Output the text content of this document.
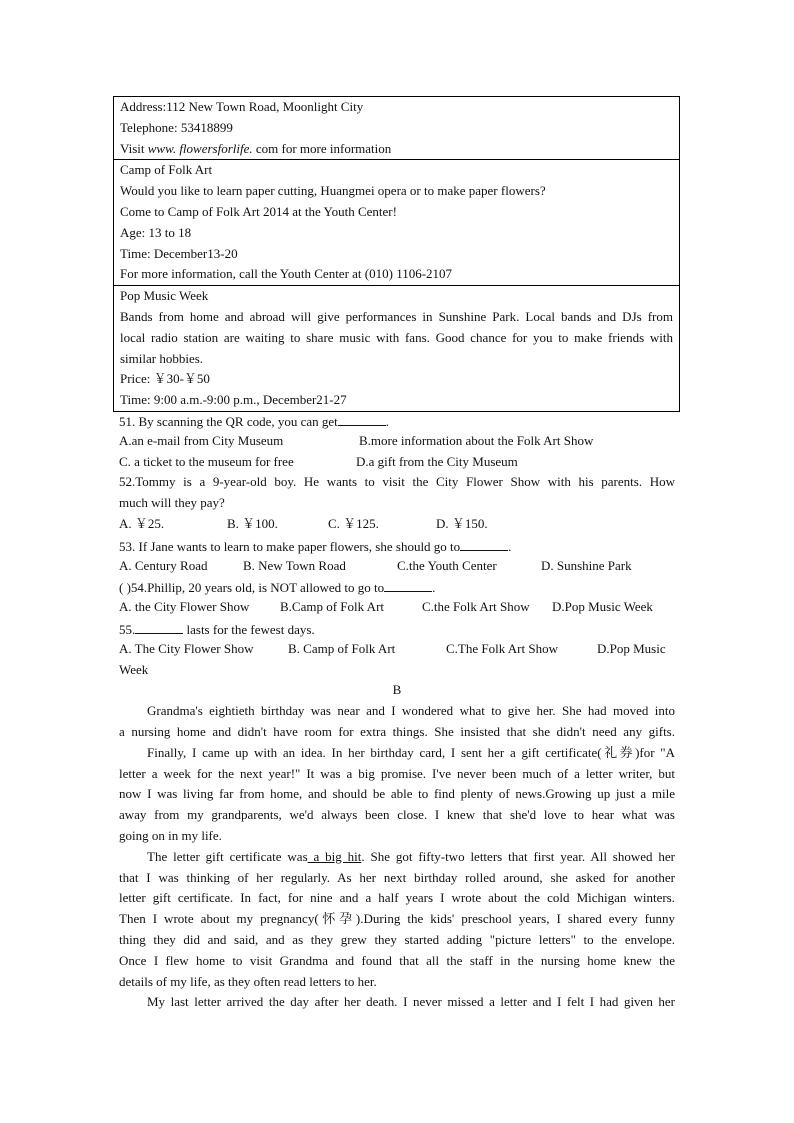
Address:112 New Town Road, Moonlight City
Telephone: 53418899
Visit www. flowersforlife. com for more information
Camp of Folk Art
Would you like to learn paper cutting, Huangmei opera or to make paper flowers?
Come to Camp of Folk Art 2014 at the Youth Center!
Age: 13 to 18
Time: December13-20
For more information, call the Youth Center at (010) 1106-2107
Pop Music Week
Bands from home and abroad will give performances in Sunshine Park. Local bands and DJs from
local radio station are waiting to share music with fans. Good chance for you to make friends with
similar hobbies.
Price: ￥30-￥50
Time: 9:00 a.m.-9:00 p.m., December21-27
51. By scanning the QR code, you can get	.
A.an e-mail from City Museum	B.more information about the Folk Art Show
C. a ticket to the museum for free	D.a gift from the City Museum
52.Tommy is a 9-year-old boy. He wants to visit the City Flower Show with his parents. How
much will they pay?
A. ￥25.	B. ￥100.	C. ￥125.	D. ￥150.
53. If Jane wants to learn to make paper flowers, she should go to	.
A. Century Road	B. New Town Road	C.the Youth Center	D. Sunshine Park
( )54.Phillip, 20 years old, is NOT allowed to go to	.
A. the City Flower Show	B.Camp of Folk Art	C.the Folk Art Show	D.Pop Music Week
55.	lasts for the fewest days.
A. The City Flower Show	B. Camp of Folk Art	C.The Folk Art Show	D.Pop Music
Week
B
Grandma's eightieth birthday was near and I wondered what to give her. She had moved into
a nursing home and didn't have room for extra things. She insisted that she didn't need any gifts.
Finally, I came up with an idea. In her birthday card, I sent her a gift certificate(礼券)for "A
letter a week for the next year!" It was a big promise. I've never been much of a letter writer, but
now I was living far from home, and should be able to find plenty of news.Growing up just a mile
away from my grandparents, we'd always been close. I knew that she'd love to hear what was
going on in my life.
The letter gift certificate was a big hit. She got fifty-two letters that first year. All showed her
that I was thinking of her regularly. As her next birthday rolled around, she asked for another
letter gift certificate. In fact, for nine and a half years I wrote about the cold Michigan winters.
Then I wrote about my pregnancy(怀孕).During the kids' preschool years, I shared every funny
thing they did and said, and as they grew they started adding "picture letters" to the envelope.
Once I flew home to visit Grandma and found that all the staff in the nursing home knew the
details of my life, as they often read letters to her.
My last letter arrived the day after her death. I never missed a letter and I felt I had given her
